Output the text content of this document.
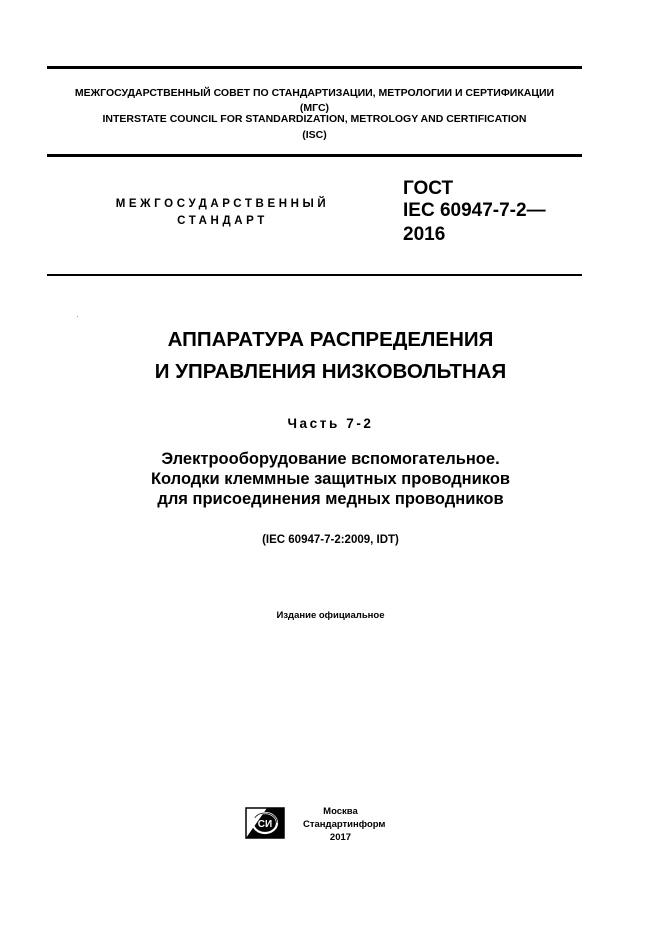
МЕЖГОСУДАРСТВЕННЫЙ СОВЕТ ПО СТАНДАРТИЗАЦИИ, МЕТРОЛОГИИ И СЕРТИФИКАЦИИ
(МГС)
INTERSTATE COUNCIL FOR STANDARDIZATION, METROLOGY AND CERTIFICATION
(ISC)
МЕЖГОСУДАРСТВЕННЫЙ
СТАНДАРТ
ГОСТ
IEC 60947-7-2—
2016
АППАРАТУРА РАСПРЕДЕЛЕНИЯ
И УПРАВЛЕНИЯ НИЗКОВОЛЬТНАЯ
Часть 7-2
Электрооборудование вспомогательное.
Колодки клеммные защитных проводников
для присоединения медных проводников
(IEC 60947-7-2:2009, IDT)
Издание официальное
СИ
Москва
Стандартинформ
2017
